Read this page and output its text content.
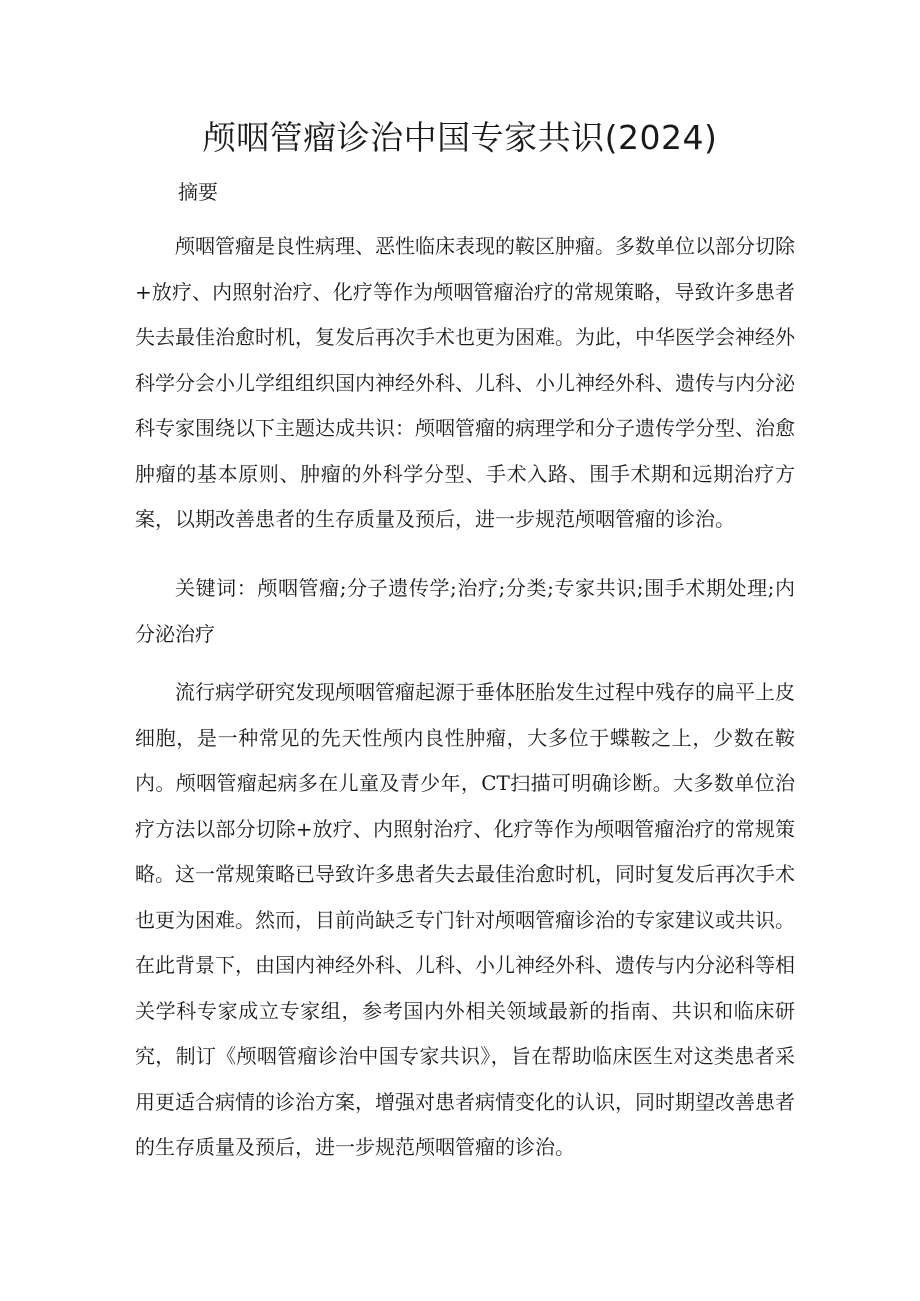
颅咽管瘤诊治中国专家共识(2024)
摘要

颅咽管瘤是良性病理、恶性临床表现的鞍区肿瘤。多数单位以部分切除+放疗、内照射治疗、化疗等作为颅咽管瘤治疗的常规策略，导致许多患者失去最佳治愈时机，复发后再次手术也更为困难。为此，中华医学会神经外科学分会小儿学组组织国内神经外科、儿科、小儿神经外科、遗传与内分泌科专家围绕以下主题达成共识：颅咽管瘤的病理学和分子遗传学分型、治愈肿瘤的基本原则、肿瘤的外科学分型、手术入路、围手术期和远期治疗方案，以期改善患者的生存质量及预后，进一步规范颅咽管瘤的诊治。

关键词：颅咽管瘤;分子遗传学;治疗;分类;专家共识;围手术期处理;内分泌治疗

流行病学研究发现颅咽管瘤起源于垂体胚胎发生过程中残存的扁平上皮细胞，是一种常见的先天性颅内良性肿瘤，大多位于蝶鞍之上，少数在鞍内。颅咽管瘤起病多在儿童及青少年，CT扫描可明确诊断。大多数单位治疗方法以部分切除+放疗、内照射治疗、化疗等作为颅咽管瘤治疗的常规策略。这一常规策略已导致许多患者失去最佳治愈时机，同时复发后再次手术也更为困难。然而，目前尚缺乏专门针对颅咽管瘤诊治的专家建议或共识。在此背景下，由国内神经外科、儿科、小儿神经外科、遗传与内分泌科等相关学科专家成立专家组，参考国内外相关领域最新的指南、共识和临床研究，制订《颅咽管瘤诊治中国专家共识》，旨在帮助临床医生对这类患者采用更适合病情的诊治方案，增强对患者病情变化的认识，同时期望改善患者的生存质量及预后，进一步规范颅咽管瘤的诊治。
